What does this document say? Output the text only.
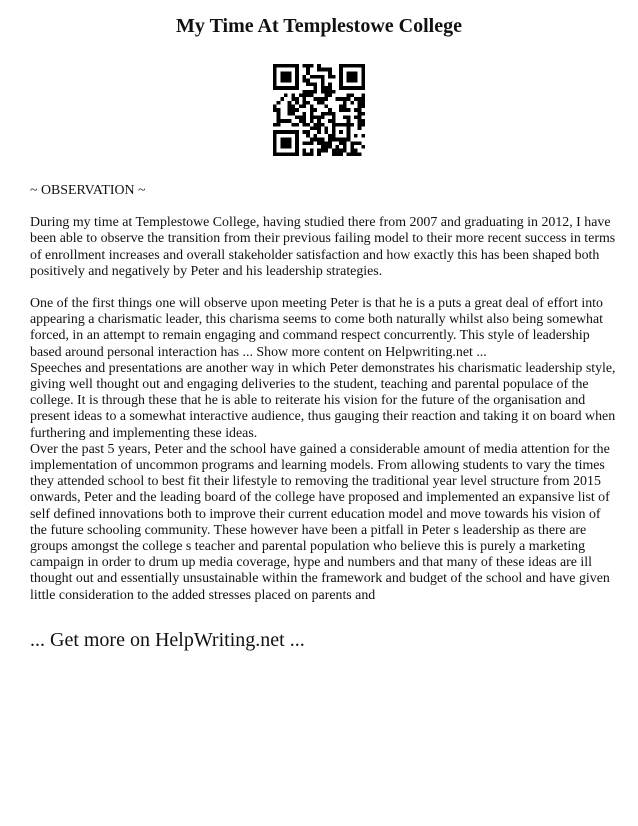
My Time At Templestowe College
~ OBSERVATION ~
During my time at Templestowe College, having studied there from 2007 and graduating in 2012, I have been able to observe the transition from their previous failing model to their more recent success in terms of enrollment increases and overall stakeholder satisfaction and how exactly this has been shaped both positively and negatively by Peter and his leadership strategies.
One of the first things one will observe upon meeting Peter is that he is a puts a great deal of effort into appearing a charismatic leader, this charisma seems to come both naturally whilst also being somewhat forced, in an attempt to remain engaging and command respect concurrently. This style of leadership based around personal interaction has ... Show more content on Helpwriting.net ...
Speeches and presentations are another way in which Peter demonstrates his charismatic leadership style, giving well thought out and engaging deliveries to the student, teaching and parental populace of the college. It is through these that he is able to reiterate his vision for the future of the organisation and present ideas to a somewhat interactive audience, thus gauging their reaction and taking it on board when furthering and implementing these ideas.
Over the past 5 years, Peter and the school have gained a considerable amount of media attention for the implementation of uncommon programs and learning models. From allowing students to vary the times they attended school to best fit their lifestyle to removing the traditional year level structure from 2015 onwards, Peter and the leading board of the college have proposed and implemented an expansive list of self defined innovations both to improve their current education model and move towards his vision of the future schooling community. These however have been a pitfall in Peter s leadership as there are groups amongst the college s teacher and parental population who believe this is purely a marketing campaign in order to drum up media coverage, hype and numbers and that many of these ideas are ill thought out and essentially unsustainable within the framework and budget of the school and have given little consideration to the added stresses placed on parents and
... Get more on HelpWriting.net ...
